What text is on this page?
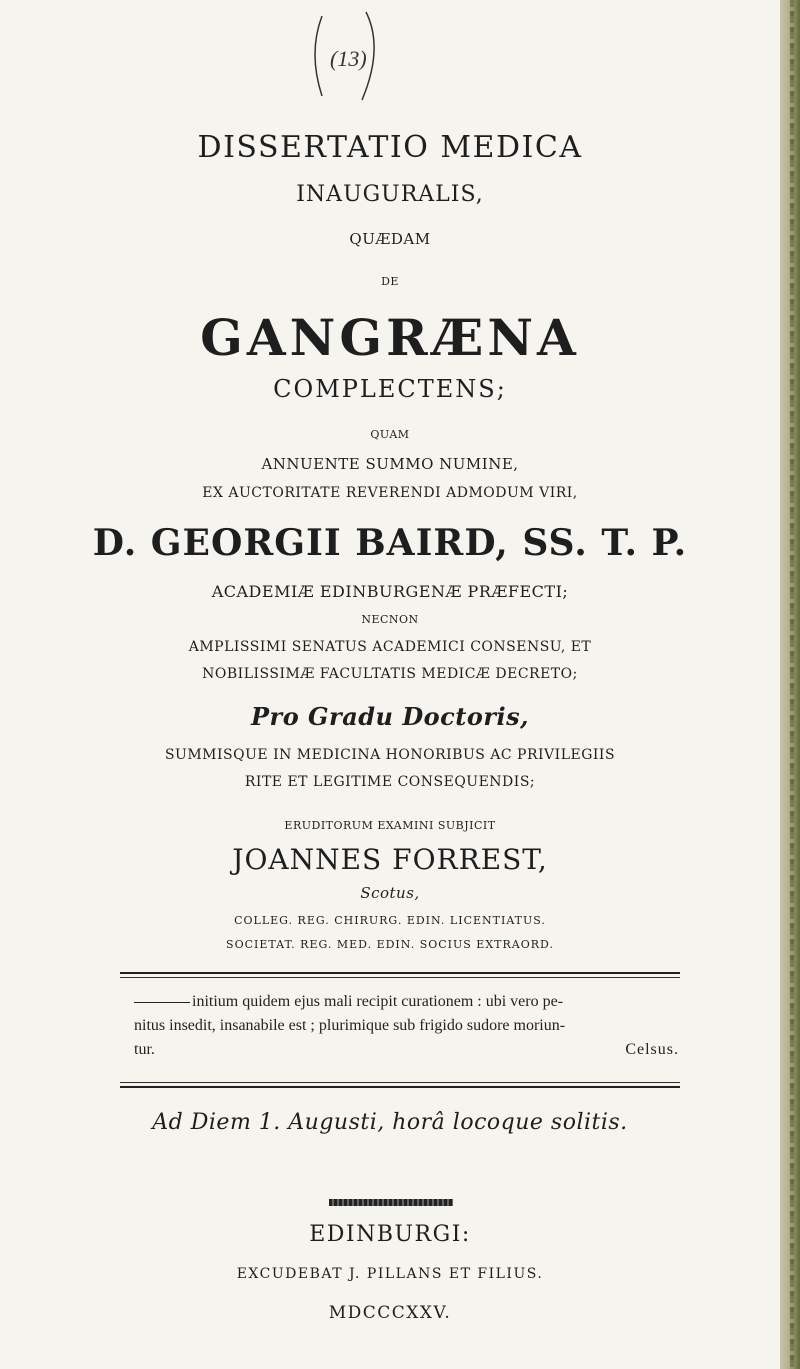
(13)
DISSERTATIO MEDICA
INAUGURALIS,
QUÆDAM
DE
GANGRÆNA
COMPLECTENS;
QUAM
ANNUENTE SUMMO NUMINE,
EX AUCTORITATE REVERENDI ADMODUM VIRI,
D. GEORGII BAIRD, SS. T. P.
ACADEMIÆ EDINBURGENÆ PRÆFECTI;
NECNON
AMPLISSIMI SENATUS ACADEMICI CONSENSU, ET
NOBILISSIMÆ FACULTATIS MEDICÆ DECRETO;
Pro Gradu Doctoris,
SUMMISQUE IN MEDICINA HONORIBUS AC PRIVILEGIIS
RITE ET LEGITIME CONSEQUENDIS;
ERUDITORUM EXAMINI SUBJICIT
JOANNES FORREST,
Scotus,
COLLEG. REG. CHIRURG. EDIN. LICENTIATUS.
SOCIETAT. REG. MED. EDIN. SOCIUS EXTRAORD.
initium quidem ejus mali recipit curationem : ubi vero pe-
nitus insedit, insanabile est ; plurimique sub frigido sudore moriun-
tur.	Celsus.
Ad Diem 1. Augusti, horâ locoque solitis.
EDINBURGI:
EXCUDEBAT J. PILLANS ET FILIUS.
MDCCCXXV.
